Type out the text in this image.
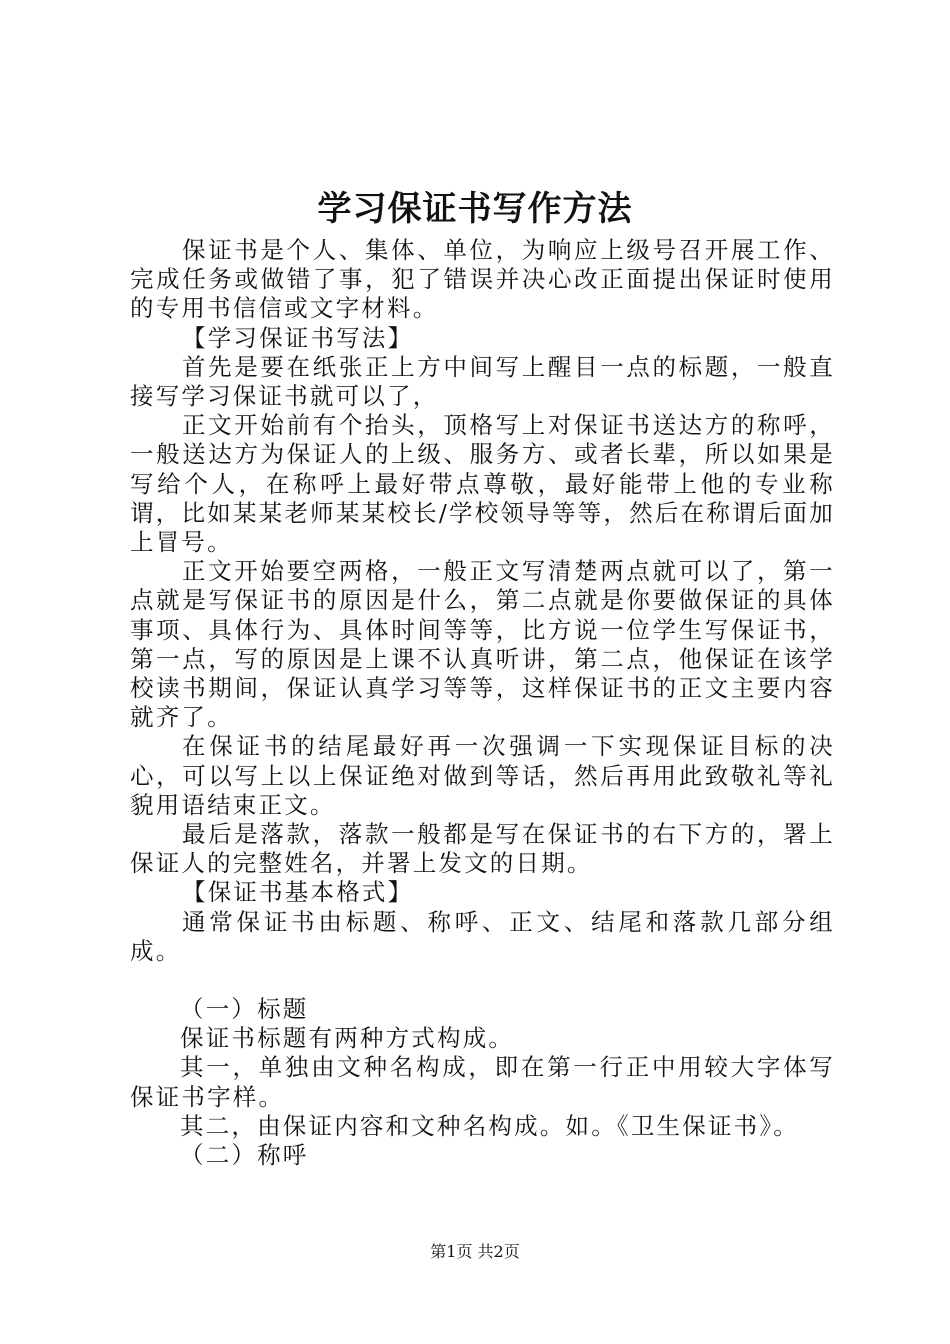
学习保证书写作方法

保证书是个人、集体、单位，为响应上级号召开展工作、完成任务或做错了事，犯了错误并决心改正面提出保证时使用的专用书信信或文字材料。

【学习保证书写法】

首先是要在纸张正上方中间写上醒目一点的标题，一般直接写学习保证书就可以了，

正文开始前有个抬头，顶格写上对保证书送达方的称呼，一般送达方为保证人的上级、服务方、或者长辈，所以如果是写给个人，在称呼上最好带点尊敬，最好能带上他的专业称谓，比如某某老师某某校长/学校领导等等，然后在称谓后面加上冒号。

正文开始要空两格，一般正文写清楚两点就可以了，第一点就是写保证书的原因是什么，第二点就是你要做保证的具体事项、具体行为、具体时间等等，比方说一位学生写保证书，第一点，写的原因是上课不认真听讲，第二点，他保证在该学校读书期间，保证认真学习等等，这样保证书的正文主要内容就齐了。

在保证书的结尾最好再一次强调一下实现保证目标的决心，可以写上以上保证绝对做到等话，然后再用此致敬礼等礼貌用语结束正文。

最后是落款，落款一般都是写在保证书的右下方的，署上保证人的完整姓名，并署上发文的日期。

【保证书基本格式】

通常保证书由标题、称呼、正文、结尾和落款几部分组成。

（一）标题

保证书标题有两种方式构成。

其一，单独由文种名构成，即在第一行正中用较大字体写保证书字样。

其二，由保证内容和文种名构成。如。《卫生保证书》。

（二）称呼

第1页 共2页
